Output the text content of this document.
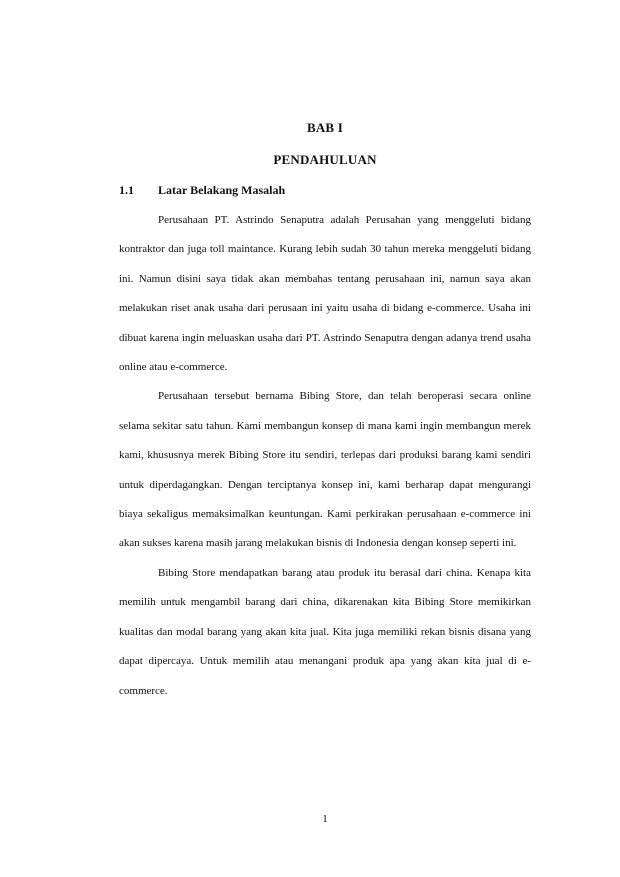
BAB I
PENDAHULUAN
1.1 Latar Belakang Masalah

Perusahaan PT. Astrindo Senaputra adalah Perusahan yang menggeluti bidang kontraktor dan juga toll maintance. Kurang lebih sudah 30 tahun mereka menggeluti bidang ini. Namun disini saya tidak akan membahas tentang perusahaan ini, namun saya akan melakukan riset anak usaha dari perusaan ini yaitu usaha di bidang e-commerce. Usaha ini dibuat karena ingin meluaskan usaha dari PT. Astrindo Senaputra dengan adanya trend usaha online atau e-commerce.

Perusahaan tersebut bernama Bibing Store, dan telah beroperasi secara online selama sekitar satu tahun. Kami membangun konsep di mana kami ingin membangun merek kami, khususnya merek Bibing Store itu sendiri, terlepas dari produksi barang kami sendiri untuk diperdagangkan. Dengan terciptanya konsep ini, kami berharap dapat mengurangi biaya sekaligus memaksimalkan keuntungan. Kami perkirakan perusahaan e-commerce ini akan sukses karena masih jarang melakukan bisnis di Indonesia dengan konsep seperti ini.

Bibing Store mendapatkan barang atau produk itu berasal dari china. Kenapa kita memilih untuk mengambil barang dari china, dikarenakan kita Bibing Store memikirkan kualitas dan modal barang yang akan kita jual. Kita juga memiliki rekan bisnis disana yang dapat dipercaya. Untuk memilih atau menangani produk apa yang akan kita jual di e-commerce.

1
